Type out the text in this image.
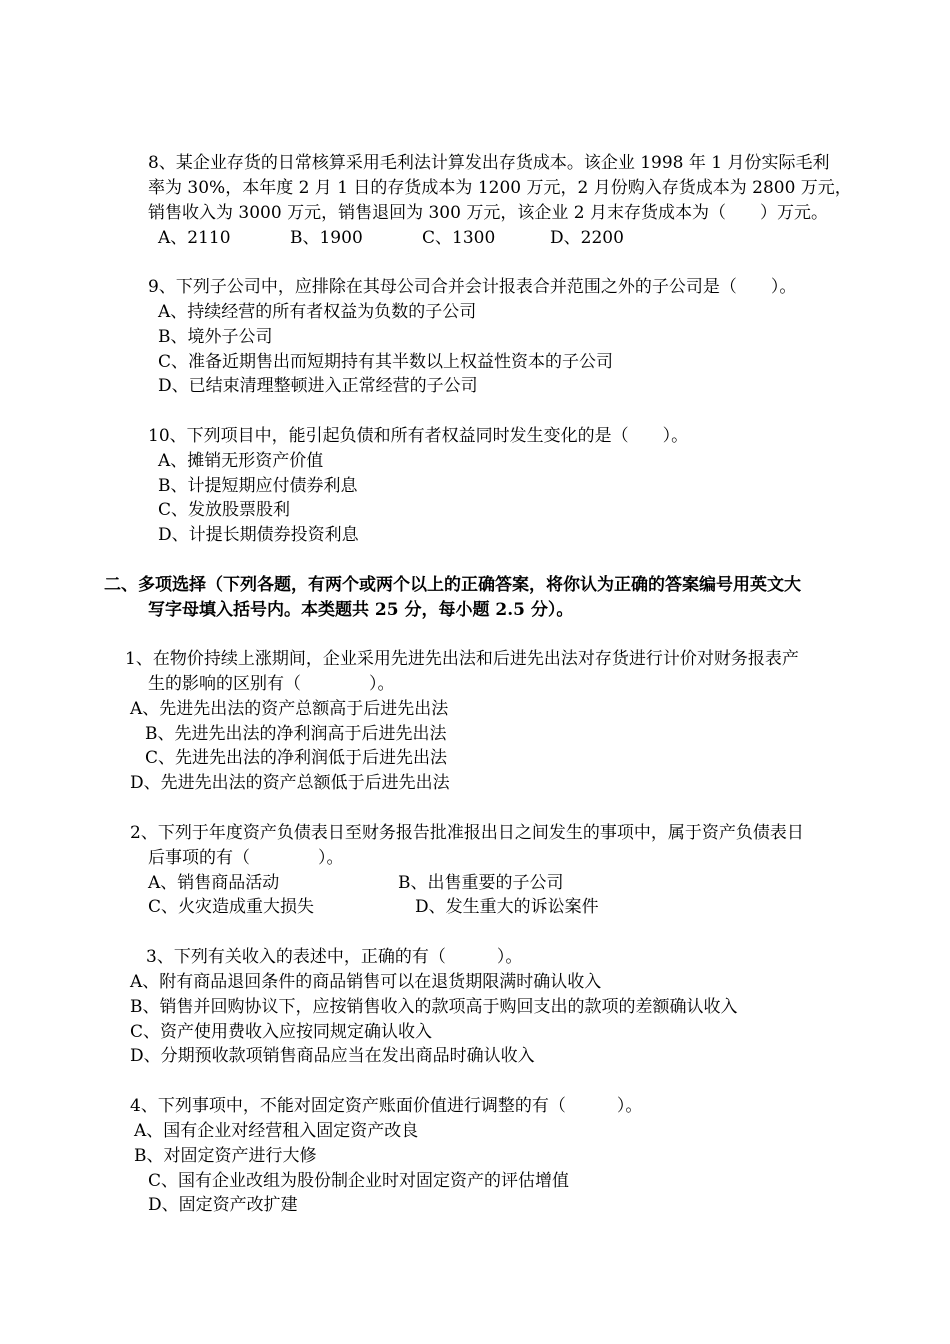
8、某企业存货的日常核算采用毛利法计算发出存货成本。该企业 1998 年 1 月份实际毛利
率为 30%，本年度 2 月 1 日的存货成本为 1200 万元，2 月份购入存货成本为 2800 万元，
销售收入为 3000 万元，销售退回为 300 万元，该企业 2 月末存货成本为（　　）万元。
A、2110	B、1900	C、1300	D、2200
9、下列子公司中，应排除在其母公司合并会计报表合并范围之外的子公司是（　　）。
A、持续经营的所有者权益为负数的子公司
B、境外子公司
C、准备近期售出而短期持有其半数以上权益性资本的子公司
D、已结束清理整顿进入正常经营的子公司
10、下列项目中，能引起负债和所有者权益同时发生变化的是（　　）。
A、摊销无形资产价值
B、计提短期应付债券利息
C、发放股票股利
D、计提长期债券投资利息
二、多项选择（下列各题，有两个或两个以上的正确答案，将你认为正确的答案编号用英文大
写字母填入括号内。本类题共 25 分，每小题 2.5 分）。
1、在物价持续上涨期间，企业采用先进先出法和后进先出法对存货进行计价对财务报表产
生的影响的区别有（　　　　）。
A、先进先出法的资产总额高于后进先出法
B、先进先出法的净利润高于后进先出法
C、先进先出法的净利润低于后进先出法
D、先进先出法的资产总额低于后进先出法
2、下列于年度资产负债表日至财务报告批准报出日之间发生的事项中，属于资产负债表日
后事项的有（　　　　）。
A、销售商品活动	B、出售重要的子公司
C、火灾造成重大损失	D、发生重大的诉讼案件
3、下列有关收入的表述中，正确的有（　　　）。
A、附有商品退回条件的商品销售可以在退货期限满时确认收入
B、销售并回购协议下，应按销售收入的款项高于购回支出的款项的差额确认收入
C、资产使用费收入应按同规定确认收入
D、分期预收款项销售商品应当在发出商品时确认收入
4、下列事项中，不能对固定资产账面价值进行调整的有（　　　）。
A、国有企业对经营租入固定资产改良
B、对固定资产进行大修
C、国有企业改组为股份制企业时对固定资产的评估增值
D、固定资产改扩建
